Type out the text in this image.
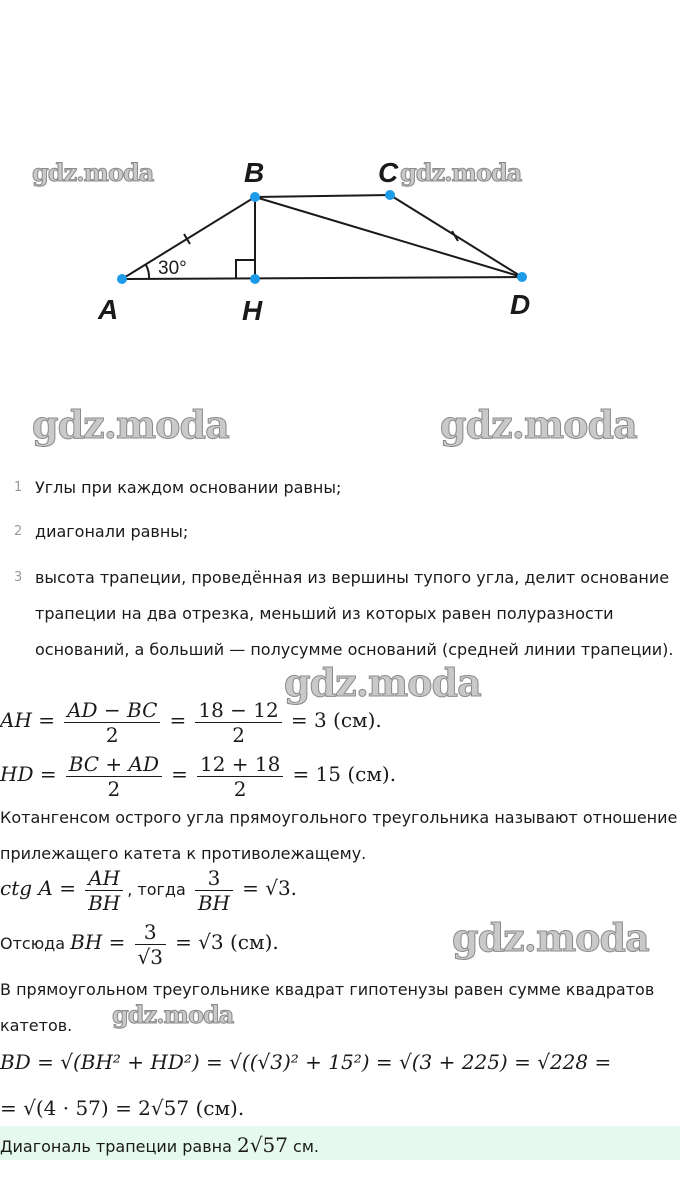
gdz.moda	gdz.moda
gdz.moda	gdz.moda
gdz.moda
gdz.moda
gdz.moda
A
B	C
D
H
30°
1 Углы при каждом основании равны;
2 диагонали равны;
3 высота трапеции, проведённая из вершины тупого угла, делит основание трапеции на два отрезка, меньший из которых равен полуразности оснований, а больший — полусумме оснований (средней линии трапеции).
AH = $\frac{AD - BC}{2} = \frac{18 - 12}{2} = 3$ (см).
HD = $\frac{BC + AD}{2} = \frac{12 + 18}{2} = 15$ (см).
Котангенсом острого угла прямоугольного треугольника называют отношение прилежащего катета к противолежащему.
ctg $A = \frac{AH}{BH}$ , тогда $\frac{3}{BH} = √3$.
Отсюда BH = $\frac{3}{√3} = √3$ (см).
В прямоугольном треугольнике квадрат гипотенузы равен сумме квадратов катетов.
BD = √(BH² + HD²) = √((√3)² + 15²) = √(3 + 225) = √228 =
= √(4 · 57) = 2√57 (см).
Диагональ трапеции равна 2√57 см.
